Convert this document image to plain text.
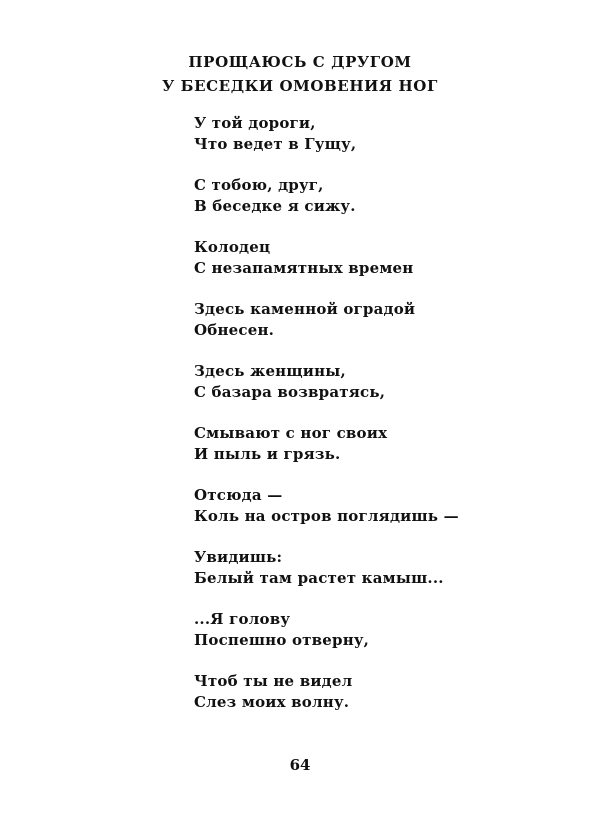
ПРОЩАЮСЬ С ДРУГОМ
У БЕСЕДКИ ОМОВЕНИЯ НОГ
У той дороги,
Что ведет в Гущу,
С тобою, друг,
В беседке я сижу.
Колодец
С незапамятных времен
Здесь каменной оградой
Обнесен.
Здесь женщины,
С базара возвратясь,
Смывают с ног своих
И пыль и грязь.
Отсюда —
Коль на остров поглядишь —
Увидишь:
Белый там растет камыш...
...Я голову
Поспешно отверну,
Чтоб ты не видел
Слез моих волну.
64
